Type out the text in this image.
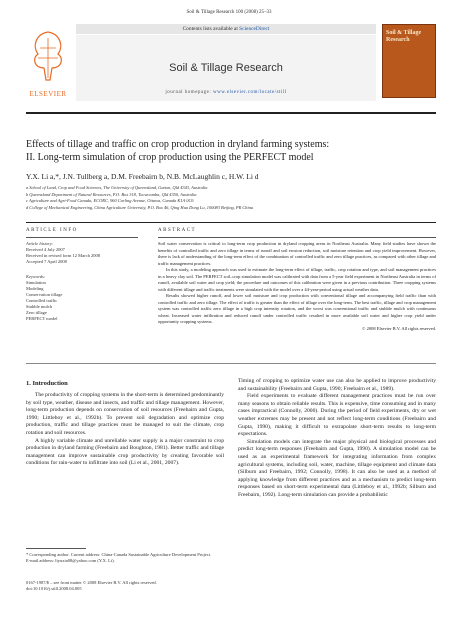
Soil & Tillage Research 100 (2008) 25–33
ELSEVIER
Contents lists available at ScienceDirect
Soil & Tillage Research
journal homepage: www.elsevier.com/locate/still
Soil & Tillage Research
Effects of tillage and traffic on crop production in dryland farming systems:
II. Long-term simulation of crop production using the PERFECT model
Y.X. Li a,*, J.N. Tullberg a, D.M. Freebairn b, N.B. McLaughlin c, H.W. Li d
a School of Land, Crop and Food Sciences, The University of Queensland, Gatton, Qld 4343, Australia
b Queensland Department of Natural Resources, P.O. Box 318, Toowoomba, Qld 4350, Australia
c Agriculture and Agri-Food Canada, ECORC, 960 Carling Avenue, Ottawa, Canada K1A 0C6
d College of Mechanical Engineering, China Agriculture University, P.O. Box 46, Qing Hua Dong Lu, 100083 Beijing, PR China
ARTICLE INFO	ABSTRACT
Article history:
Received 4 July 2007
Received in revised form 12 March 2008
Accepted 7 April 2008
Keywords:
Simulation
Modeling
Conservation tillage
Controlled traffic
Stubble mulch
Zero tillage
PERFECT model

Soil water conservation is critical to long-term crop production in dryland cropping areas in Northeast Australia. Many field studies have shown the benefits of controlled traffic and zero tillage in terms of runoff and soil erosion reduction, soil moisture retention and crop yield improvement. However, there is lack of understanding of the long-term effect of the combination of controlled traffic and zero tillage practices, as compared with other tillage and traffic management practices.

In this study, a modeling approach was used to estimate the long-term effect of tillage, traffic, crop rotation and type, and soil management practices in a heavy clay soil. The PERFECT soil–crop simulation model was calibrated with data from a 5-year field experiment in Northeast Australia in terms of runoff, available soil water and crop yield; the procedure and outcomes of this calibration were given in a previous contribution. Three cropping systems with different tillage and traffic treatments were simulated with the model over a 44-year-period using actual weather data.

Results showed higher runoff, and lower soil moisture and crop production with conventional tillage and accompanying field traffic than with controlled traffic and zero tillage. The effect of traffic is greater than the effect of tillage over the long-term. The best traffic, tillage and crop management system was controlled traffic zero tillage in a high crop intensity rotation, and the worst was conventional traffic and stubble mulch with continuous wheat. Increased water infiltration and reduced runoff under controlled traffic resulted in more available soil water and higher crop yield under opportunity cropping systems.

© 2008 Elsevier B.V. All rights reserved.
1. Introduction

The productivity of cropping systems in the short-term is determined predominantly by soil type, weather, disease and insects, and traffic and tillage management. However, long-term production depends on conservation of soil resources (Freebairn and Gupta, 1990; Littleboy et al., 1992b). To prevent soil degradation and optimize crop production, traffic and tillage practices must be managed to suit the climate, crop rotation and soil resources.

A highly variable climate and unreliable water supply is a major constraint to crop production in dryland farming (Freebairn and Boughton, 1981). Better traffic and tillage management can improve sustainable crop productivity by creating favorable soil conditions for rain-water to infiltrate into soil (Li et al., 2001, 2007).

Timing of cropping to optimize water use can also be applied to improve productivity and sustainability (Freebairn and Gupta, 1990; Freebairn et al., 1989).

Field experiments to evaluate different management practices must be run over many seasons to obtain reliable results. This is expensive, time consuming and in many cases impractical (Connolly, 2000). During the period of field experiments, dry or wet weather extremes may be present and not reflect long-term conditions (Freebairn and Gupta, 1990), making it difficult to extrapolate short-term results to long-term expectations.

Simulation models can integrate the major physical and biological processes and predict long-term responses (Freebairn and Gupta, 1990). A simulation model can be used as an experimental framework for integrating information from complex agricultural systems, including soil, water, machine, tillage equipment and climate data (Silburn and Freebairn, 1992; Connolly, 1998). It can also be used as a method of applying knowledge from different practices and as a mechanism to predict long-term responses based on short-term experimental data (Littleboy et al., 1992b; Silburn and Freebairn, 1992). Long-term simulation can provide a probabilistic

* Corresponding author. Current address: China-Canada Sustainable Agriculture Development Project.
E-mail address: liyuxia08@yahoo.com (Y.X. Li).
0167-1987/$ – see front matter © 2008 Elsevier B.V. All rights reserved.
doi:10.1016/j.still.2008.04.005
